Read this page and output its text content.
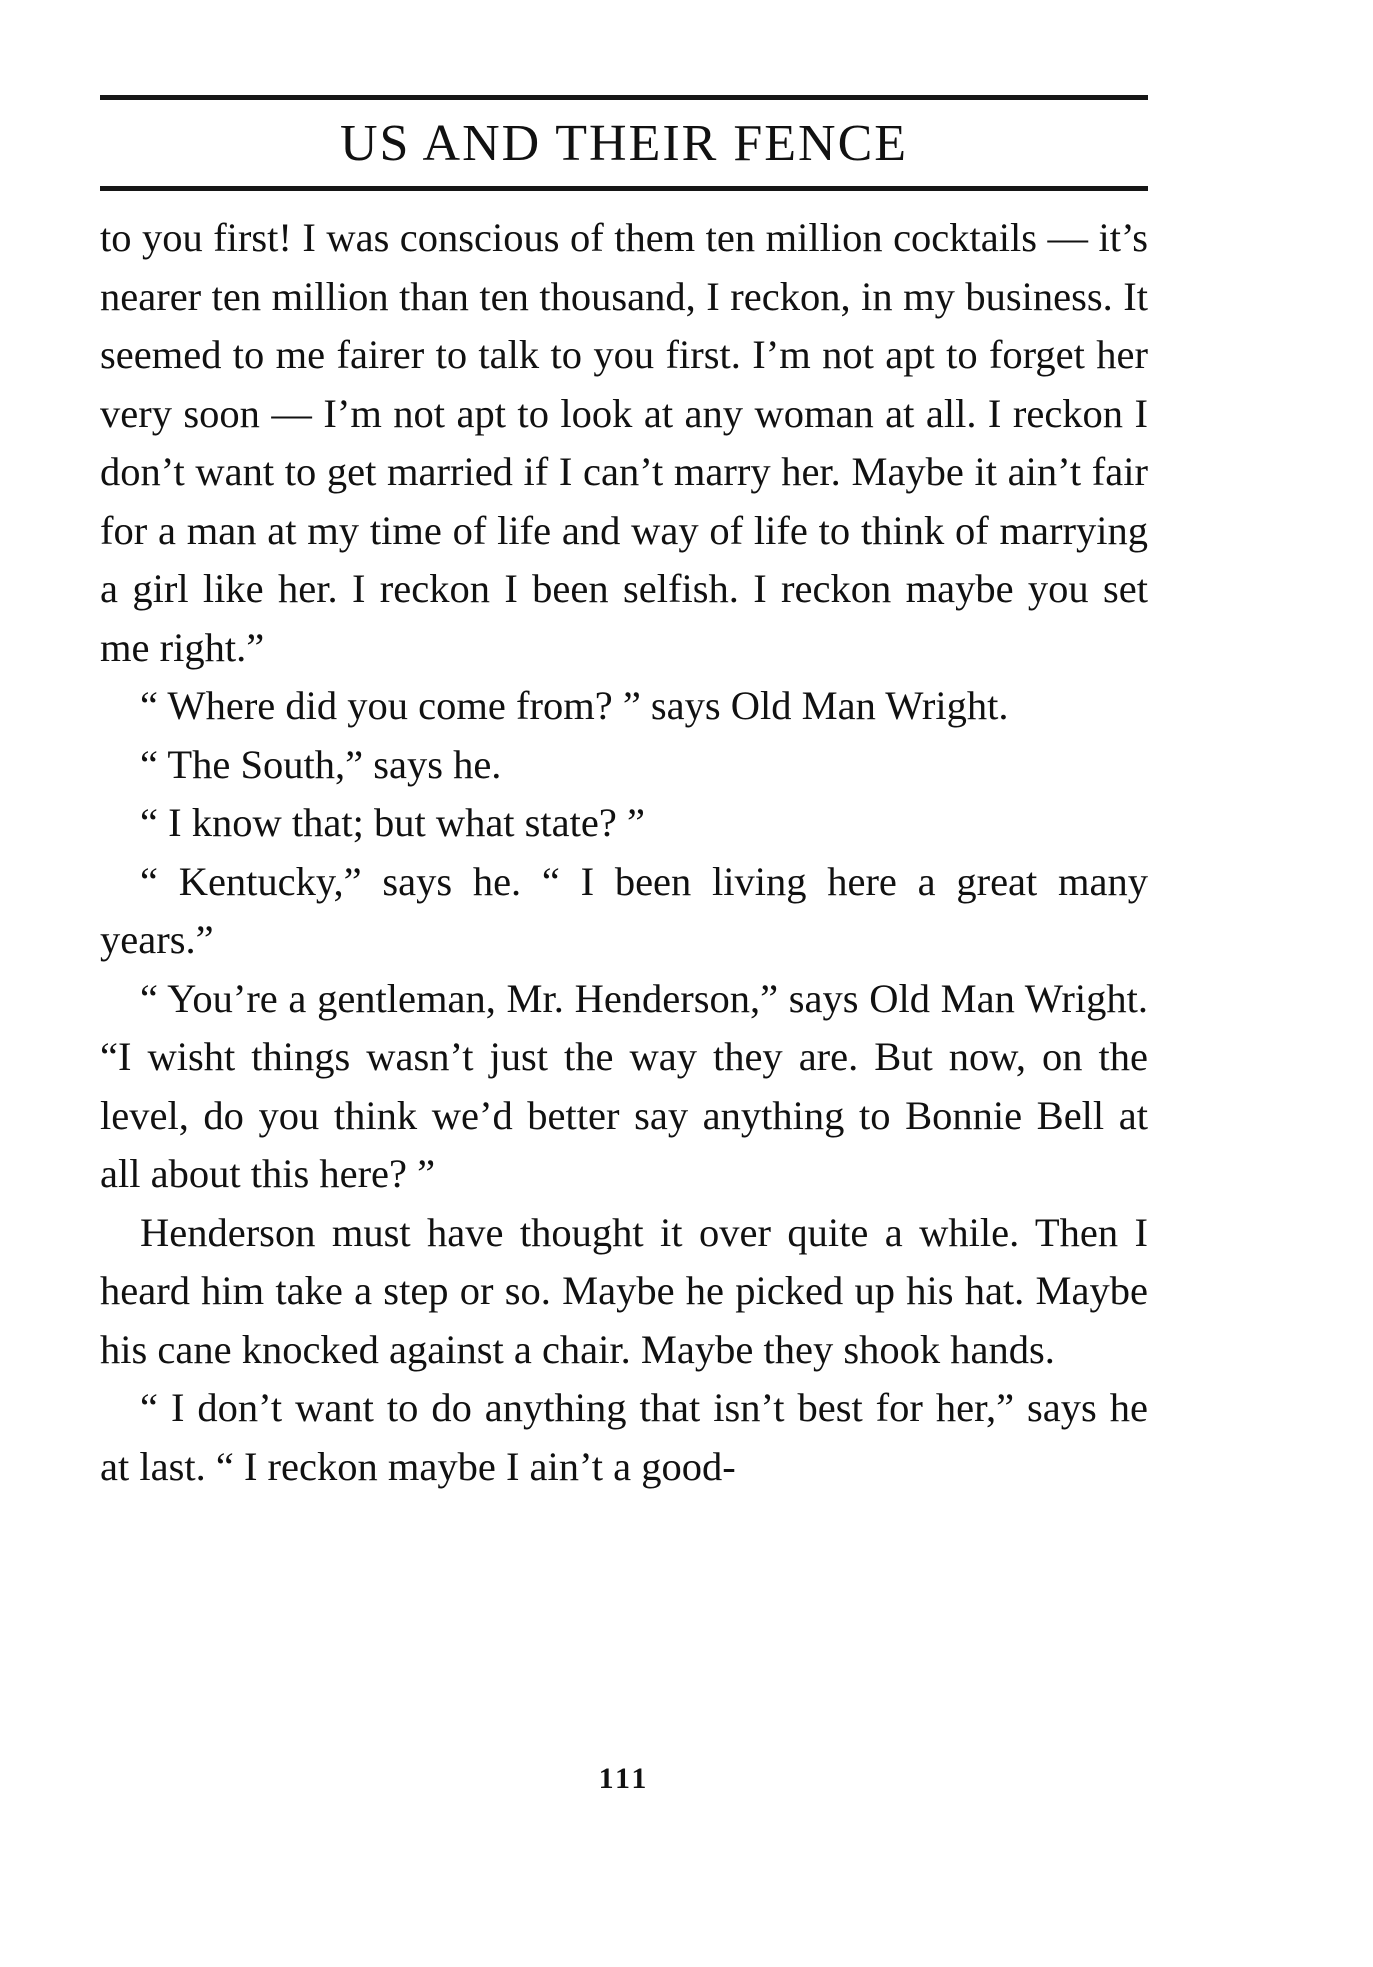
US AND THEIR FENCE

to you first! I was conscious of them ten million cocktails — it’s nearer ten million than ten thousand, I reckon, in my business. It seemed to me fairer to talk to you first. I’m not apt to forget her very soon — I’m not apt to look at any woman at all. I reckon I don’t want to get married if I can’t marry her. Maybe it ain’t fair for a man at my time of life and way of life to think of marrying a girl like her. I reckon I been selfish. I reckon maybe you set me right.”

“ Where did you come from? ” says Old Man Wright.

“ The South,” says he.

“ I know that; but what state? ”

“ Kentucky,” says he. “ I been living here a great many years.”

“ You’re a gentleman, Mr. Henderson,” says Old Man Wright. “I wisht things wasn’t just the way they are. But now, on the level, do you think we’d better say anything to Bonnie Bell at all about this here? ”

Henderson must have thought it over quite a while. Then I heard him take a step or so. Maybe he picked up his hat. Maybe his cane knocked against a chair. Maybe they shook hands.

“ I don’t want to do anything that isn’t best for her,” says he at last. “ I reckon maybe I ain’t a good-

111
